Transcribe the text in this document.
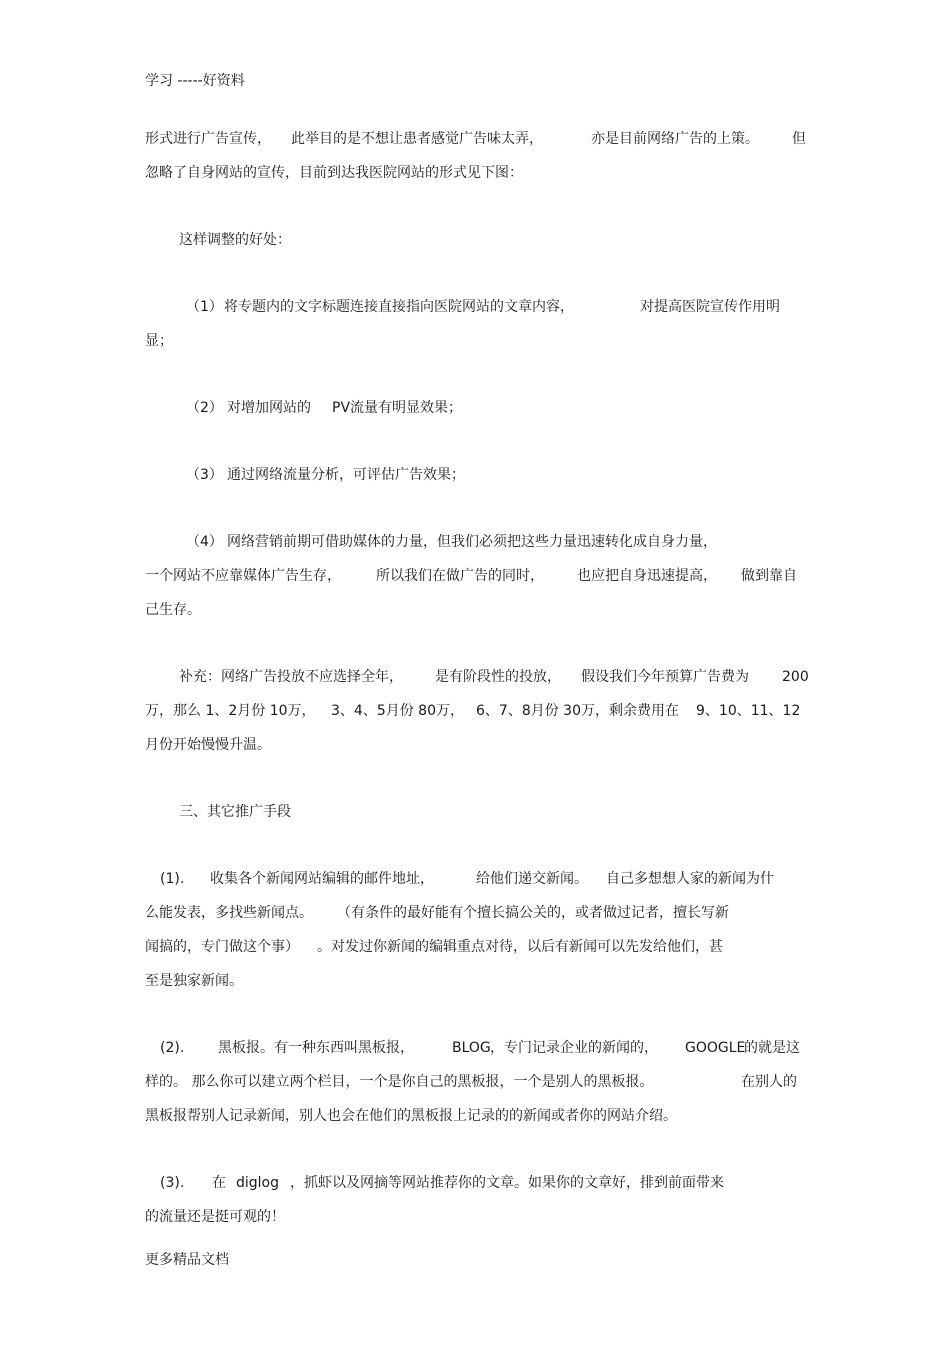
学习 -----好资料
形式进行广告宣传， 此举目的是不想让患者感觉广告味太弄，	亦是目前网络广告的上策。 但
忽略了自身网站的宣传，目前到达我医院网站的形式见下图：
这样调整的好处：
（1） 将专题内的文字标题连接直接指向医院网站的文章内容，	对提高医院宣传作用明
显；
（2） 对增加网站的 PV流量有明显效果；
（3） 通过网络流量分析，可评估广告效果；
（4） 网络营销前期可借助媒体的力量，但我们必须把这些力量迅速转化成自身力量，
一个网站不应靠媒体广告生存，	所以我们在做广告的同时， 也应把自身迅速提高， 做到靠自
己生存。
补充：网络广告投放不应选择全年， 是有阶段性的投放， 假设我们今年预算广告费为 200
万，那么 1、2月份 10万， 3、4、5月份 80万， 6、7、8月份 30万，剩余费用在 9、10、11、12
月份开始慢慢升温。
三、其它推广手段
(1). 收集各个新闻网站编辑的邮件地址，	给他们递交新闻。 自己多想想人家的新闻为什
么能发表，多找些新闻点。 （有条件的最好能有个擅长搞公关的，或者做过记者，擅长写新
闻搞的，专门做这个事） 。对发过你新闻的编辑重点对待，以后有新闻可以先发给他们，甚
至是独家新闻。
(2). 黑板报。有一种东西叫黑板报，	BLOG ，专门记录企业的新闻的， GOOGLE
的就是这
样的。 那么你可以建立两个栏目，一个是你自己的黑板报，一个是别人的黑板报。	在别人的
黑板报帮别人记录新闻，别人也会在他们的黑板报上记录的的新闻或者你的网站介绍。
(3). 在 diglog ，抓虾以及网摘等网站推荐你的文章。如果你的文章好，排到前面带来
的流量还是挺可观的！
更多精品文档
